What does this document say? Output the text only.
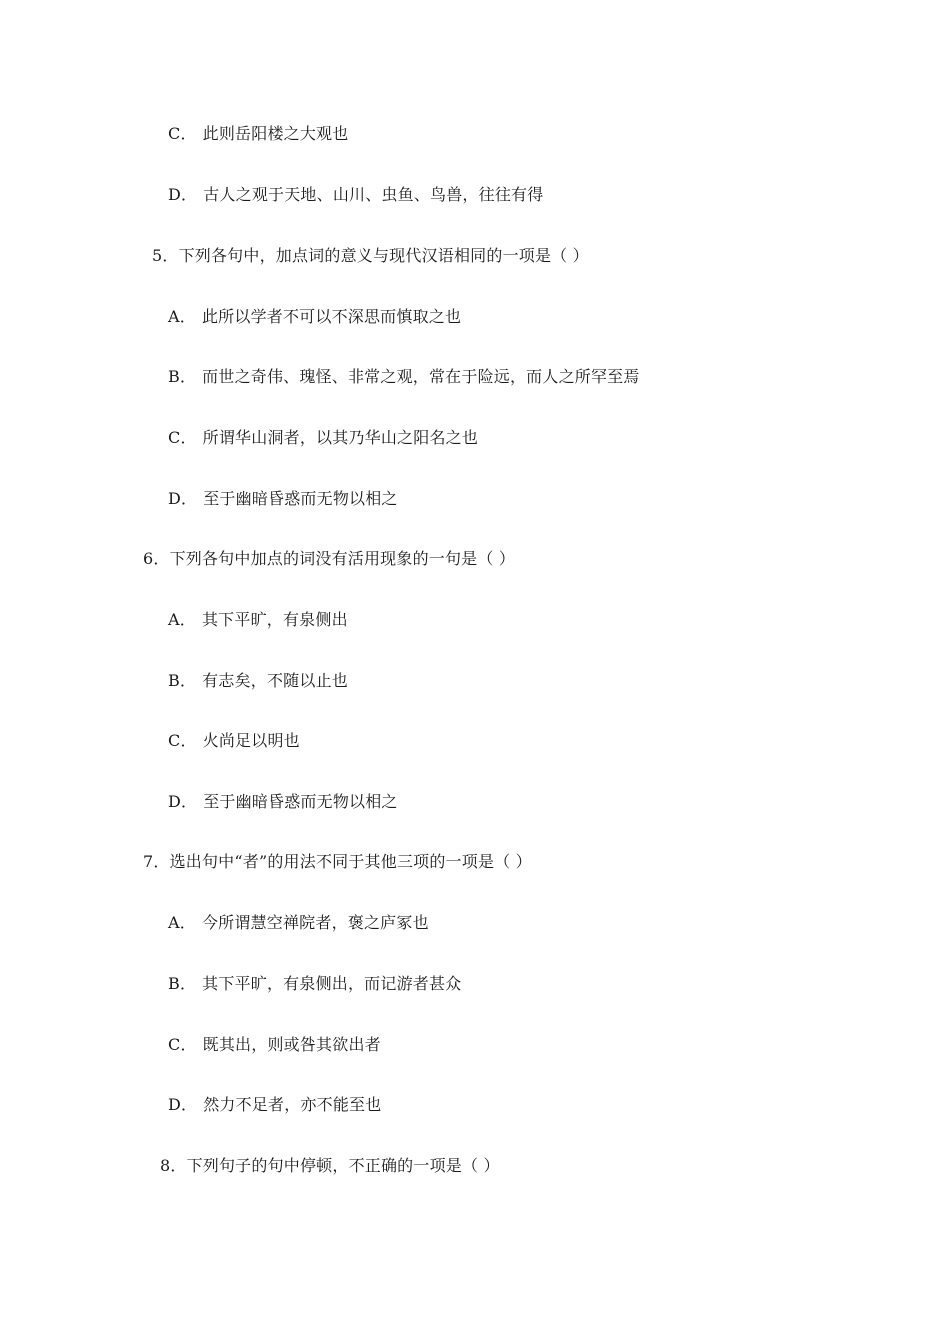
C． 此则岳阳楼之大观也
D． 古人之观于天地、山川、虫鱼、鸟兽，往往有得
5．下列各句中，加点词的意义与现代汉语相同的一项是（ ）
A． 此所以学者不可以不深思而慎取之也
B． 而世之奇伟、瑰怪、非常之观，常在于险远，而人之所罕至焉
C． 所谓华山洞者，以其乃华山之阳名之也
D． 至于幽暗昏惑而无物以相之
6．下列各句中加点的词没有活用现象的一句是（ ）
A． 其下平旷，有泉侧出
B． 有志矣，不随以止也
C． 火尚足以明也
D． 至于幽暗昏惑而无物以相之
7．选出句中“者”的用法不同于其他三项的一项是（ ）
A． 今所谓慧空禅院者，褒之庐冢也
B． 其下平旷，有泉侧出，而记游者甚众
C． 既其出，则或咎其欲出者
D． 然力不足者，亦不能至也
8．下列句子的句中停顿，不正确的一项是（ ）
